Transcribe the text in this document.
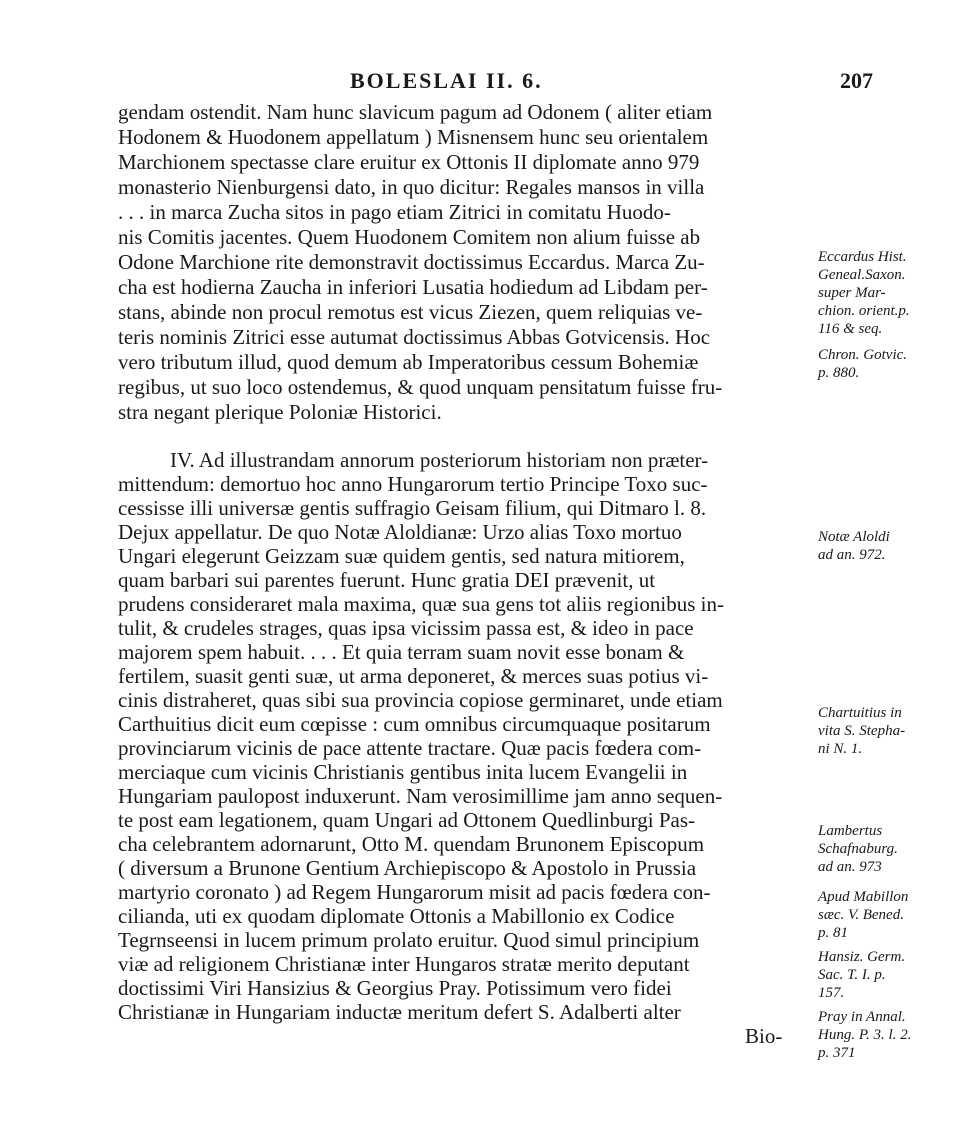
BOLESLAI II. 6.	207
gendam ostendit. Nam hunc slavicum pagum ad Odonem ( aliter etiam
Hodonem & Huodonem appellatum ) Misnensem hunc seu orientalem
Marchionem spectasse clare eruitur ex Ottonis II diplomate anno 979
monasterio Nienburgensi dato, in quo dicitur: Regales mansos in villa
. . . in marca Zucha sitos in pago etiam Zitrici in comitatu Huodo-
nis Comitis jacentes. Quem Huodonem Comitem non alium fuisse ab
Odone Marchione rite demonstravit doctissimus Eccardus. Marca Zu-
cha est hodierna Zaucha in inferiori Lusatia hodiedum ad Libdam per-
stans, abinde non procul remotus est vicus Ziezen, quem reliquias ve-
teris nominis Zitrici esse autumat doctissimus Abbas Gotvicensis. Hoc
vero tributum illud, quod demum ab Imperatoribus cessum Bohemiæ
regibus, ut suo loco ostendemus, & quod unquam pensitatum fuisse fru-
stra negant plerique Poloniæ Historici.
IV. Ad illustrandam annorum posteriorum historiam non præter-
mittendum: demortuo hoc anno Hungarorum tertio Principe Toxo suc-
cessisse illi universæ gentis suffragio Geisam filium, qui Ditmaro l. 8.
Dejux appellatur. De quo Notæ Aloldianæ: Urzo alias Toxo mortuo
Ungari elegerunt Geizzam suæ quidem gentis, sed natura mitiorem,
quam barbari sui parentes fuerunt. Hunc gratia DEI prævenit, ut
prudens consideraret mala maxima, quæ sua gens tot aliis regionibus in-
tulit, & crudeles strages, quas ipsa vicissim passa est, & ideo in pace
majorem spem habuit. . . . Et quia terram suam novit esse bonam &
fertilem, suasit genti suæ, ut arma deponeret, & merces suas potius vi-
cinis distraheret, quas sibi sua provincia copiose germinaret, unde etiam
Carthuitius dicit eum cœpisse : cum omnibus circumquaque positarum
provinciarum vicinis de pace attente tractare. Quæ pacis fœdera com-
merciaque cum vicinis Christianis gentibus inita lucem Evangelii in
Hungariam paulopost induxerunt. Nam verosimillime jam anno sequen-
te post eam legationem, quam Ungari ad Ottonem Quedlinburgi Pas-
cha celebrantem adornarunt, Otto M. quendam Brunonem Episcopum
( diversum a Brunone Gentium Archiepiscopo & Apostolo in Prussia
martyrio coronato ) ad Regem Hungarorum misit ad pacis fœdera con-
cilianda, uti ex quodam diplomate Ottonis a Mabillonio ex Codice
Tegrnseensi in lucem primum prolato eruitur. Quod simul principium
viæ ad religionem Christianæ inter Hungaros stratæ merito deputant
doctissimi Viri Hansizius & Georgius Pray. Potissimum vero fidei
Christianæ in Hungariam inductæ meritum defert S. Adalberti alter
Bio-
Eccardus Hist.
Geneal.Saxon.
super Mar-
chion. orient.p.
116 & seq.
Chron. Gotvic.
p. 880.
Notæ Aloldi
ad an. 972.
Chartuitius in
vita S. Stepha-
ni N. 1.
Lambertus
Schafnaburg.
ad an. 973
Apud Mabillon
sæc. V. Bened.
p. 81
Hansiz. Germ.
Sac. T. I. p.
157.
Pray in Annal.
Hung. P. 3. l. 2.
p. 371
